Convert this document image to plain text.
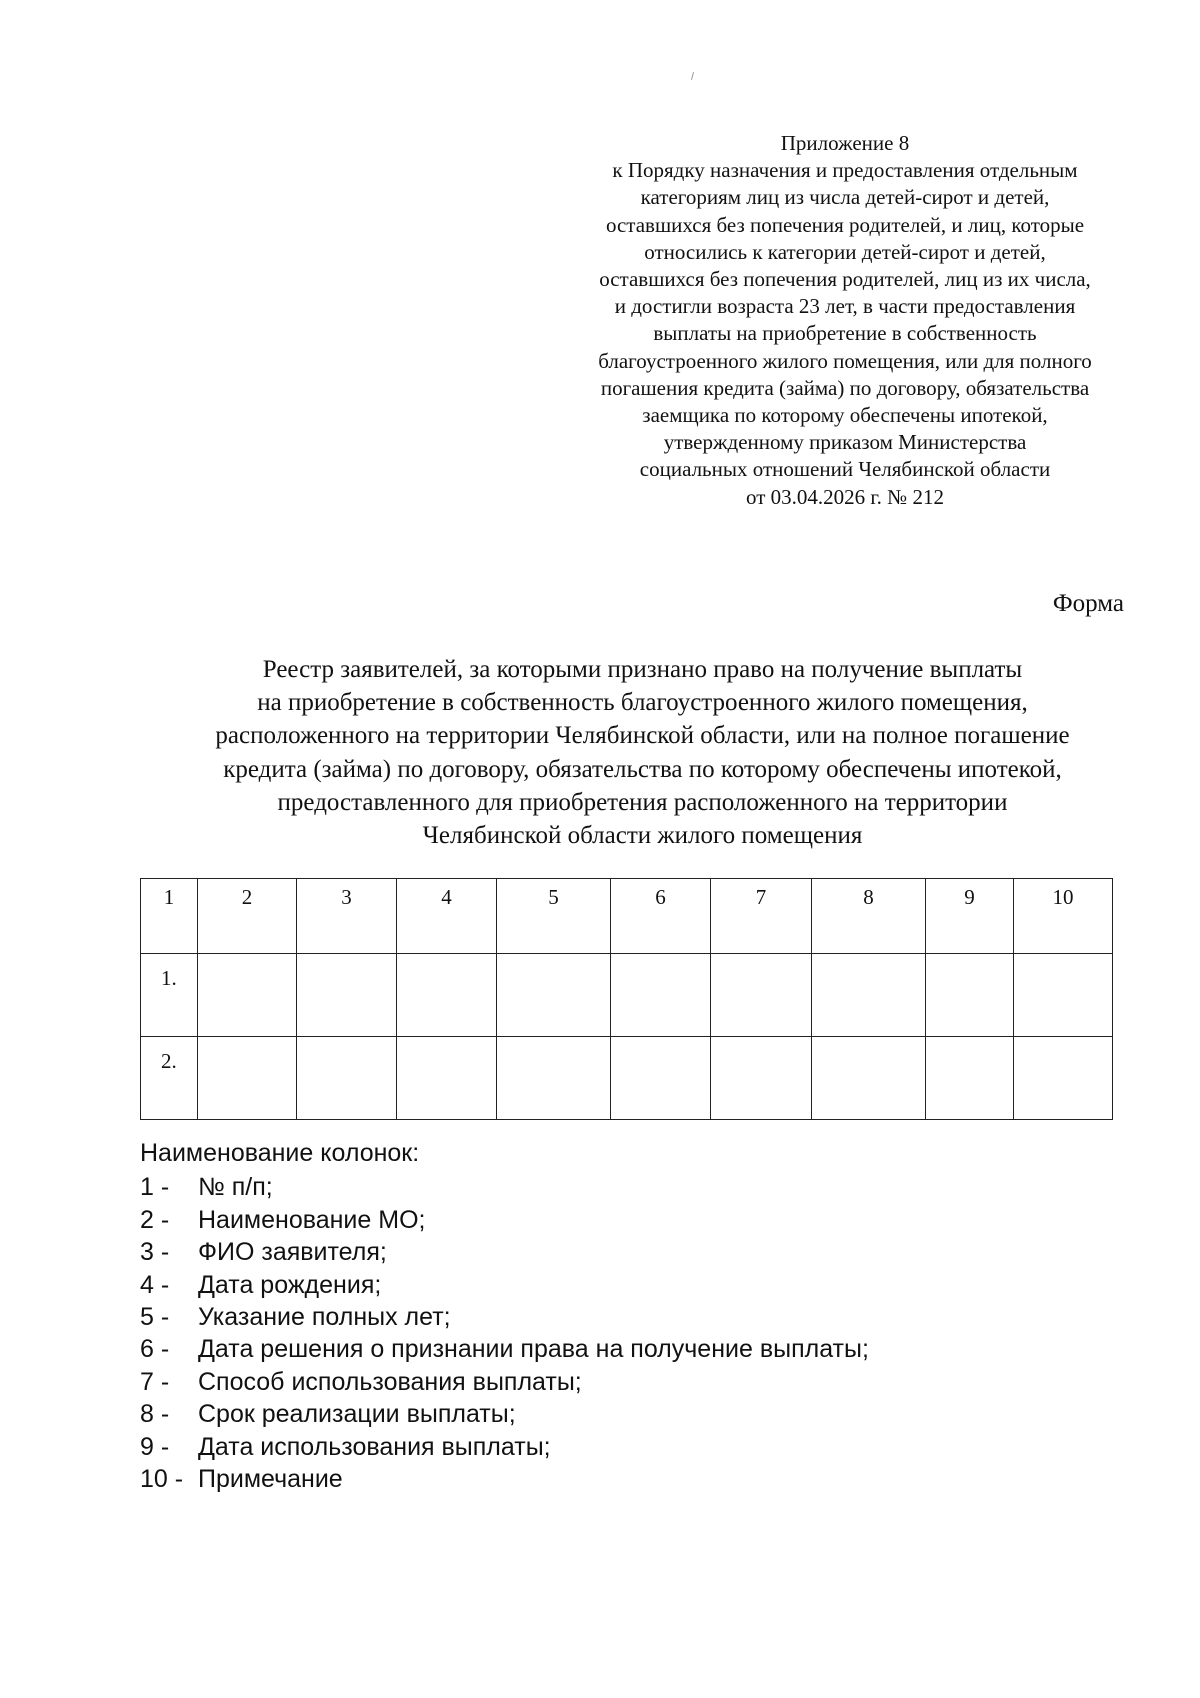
Приложение 8
к Порядку назначения и предоставления отдельным
категориям лиц из числа детей-сирот и детей,
оставшихся без попечения родителей, и лиц, которые
относились к категории детей-сирот и детей,
оставшихся без попечения родителей, лиц из их числа,
и достигли возраста 23 лет, в части предоставления
выплаты на приобретение в собственность
благоустроенного жилого помещения, или для полного
погашения кредита (займа) по договору, обязательства
заемщика по которому обеспечены ипотекой,
утвержденному приказом Министерства
социальных отношений Челябинской области
от 03.04.2026 г. № 212
Форма
Реестр заявителей, за которыми признано право на получение выплаты
на приобретение в собственность благоустроенного жилого помещения,
расположенного на территории Челябинской области, или на полное погашение
кредита (займа) по договору, обязательства по которому обеспечены ипотекой,
предоставленного для приобретения расположенного на территории
Челябинской области жилого помещения
1	2	3	4	5	6	7	8	9	10
1.									
2.									
Наименование колонок:
1 -	№ п/п;
2 -	Наименование МО;
3 -	ФИО заявителя;
4 -	Дата рождения;
5 -	Указание полных лет;
6 -	Дата решения о признании права на получение выплаты;
7 -	Способ использования выплаты;
8 -	Срок реализации выплаты;
9 -	Дата использования выплаты;
10 - Примечание
